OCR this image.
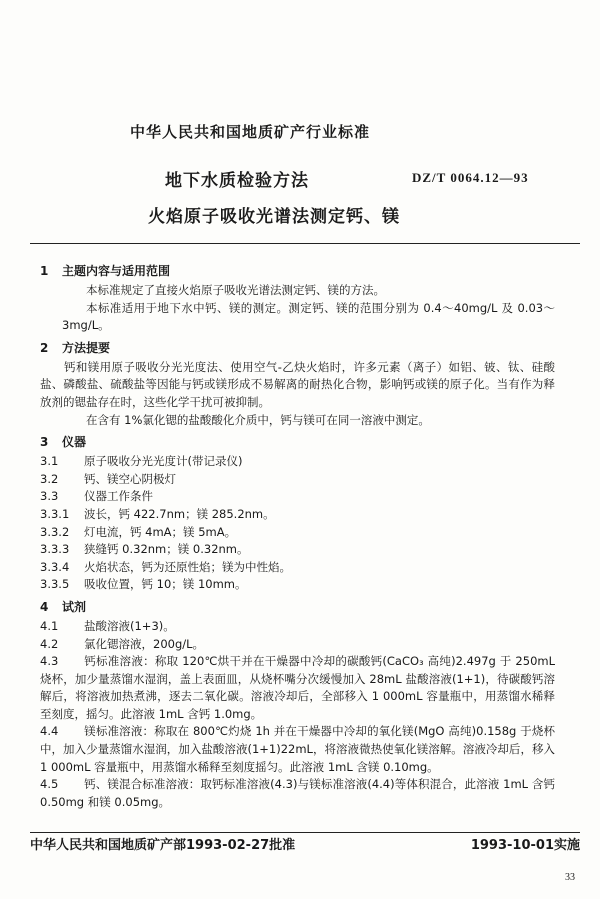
中华人民共和国地质矿产行业标准
地下水质检验方法
火焰原子吸收光谱法测定钙、镁
DZ/T 0064.12—93
1 主题内容与适用范围

本标准规定了直接火焰原子吸收光谱法测定钙、镁的方法。

本标准适用于地下水中钙、镁的测定。测定钙、镁的范围分别为 0.4～40mg/L 及 0.03～3mg/L。

2 方法提要

钙和镁用原子吸收分光光度法、使用空气-乙炔火焰时，许多元素（离子）如铝、铍、钛、硅酸盐、磷酸盐、硫酸盐等因能与钙或镁形成不易解离的耐热化合物，影响钙或镁的原子化。当有作为释放剂的锶盐存在时，这些化学干扰可被抑制。

在含有 1%氯化锶的盐酸酸化介质中，钙与镁可在同一溶液中测定。

3 仪器

3.1 原子吸收分光光度计(带记录仪)

3.2 钙、镁空心阴极灯

3.3 仪器工作条件

3.3.1 波长，钙 422.7nm；镁 285.2nm。

3.3.2 灯电流，钙 4mA；镁 5mA。

3.3.3 狭缝钙 0.32nm；镁 0.32nm。

3.3.4 火焰状态，钙为还原性焰；镁为中性焰。

3.3.5 吸收位置，钙 10；镁 10mm。

4 试剂

4.1 盐酸溶液(1+3)。

4.2 氯化锶溶液，200g/L。

4.3 钙标准溶液：称取 120℃烘干并在干燥器中冷却的碳酸钙(CaCO₃ 高纯)2.497g 于 250mL 烧杯，加少量蒸馏水湿润，盖上表面皿，从烧杯嘴分次缓慢加入 28mL 盐酸溶液(1+1)，待碳酸钙溶解后，将溶液加热煮沸，逐去二氧化碳。溶液冷却后，全部移入 1 000mL 容量瓶中，用蒸馏水稀释至刻度，摇匀。此溶液 1mL 含钙 1.0mg。

4.4 镁标准溶液：称取在 800℃灼烧 1h 并在干燥器中冷却的氧化镁(MgO 高纯)0.158g 于烧杯中，加入少量蒸馏水湿润，加入盐酸溶液(1+1)22mL，将溶液微热使氧化镁溶解。溶液冷却后，移入1 000mL 容量瓶中，用蒸馏水稀释至刻度摇匀。此溶液 1mL 含镁 0.10mg。

4.5 钙、镁混合标准溶液：取钙标准溶液(4.3)与镁标准溶液(4.4)等体积混合，此溶液 1mL 含钙 0.50mg 和镁 0.05mg。

中华人民共和国地质矿产部1993-02-27批准	1993-10-01实施
33
